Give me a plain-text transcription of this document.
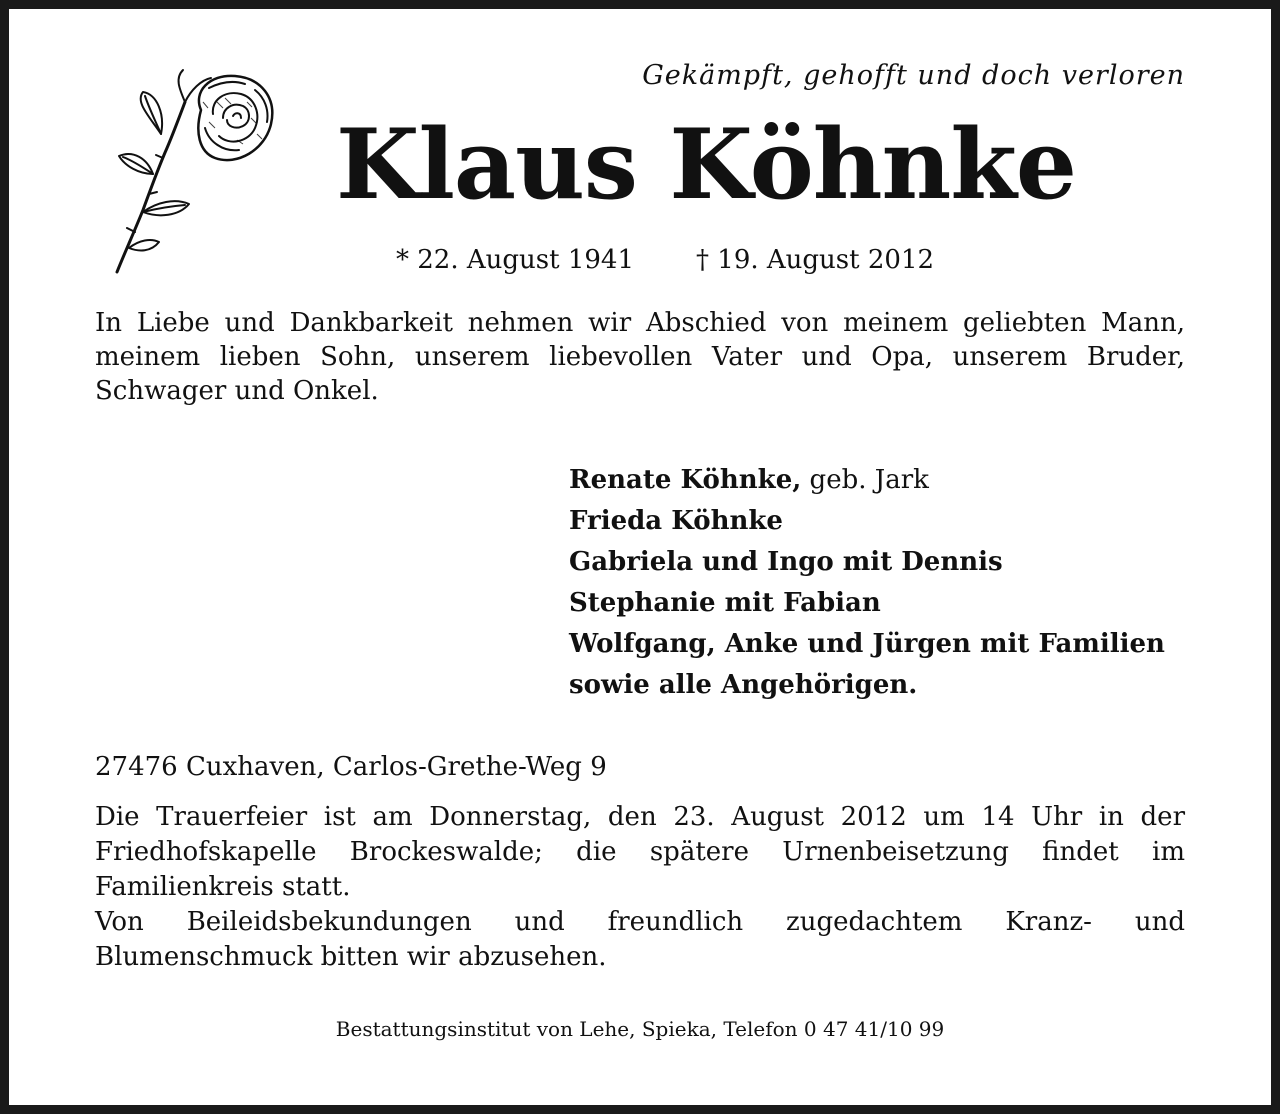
Gekämpft, gehofft und doch verloren
Klaus Köhnke
* 22. August 1941 † 19. August 2012
In Liebe und Dankbarkeit nehmen wir Abschied von meinem geliebten Mann, meinem lieben Sohn, unserem liebevollen Vater und Opa, unserem Bruder, Schwager und Onkel.
Renate Köhnke, geb. Jark
Frieda Köhnke
Gabriela und Ingo mit Dennis
Stephanie mit Fabian
Wolfgang, Anke und Jürgen mit Familien
sowie alle Angehörigen.
27476 Cuxhaven, Carlos-Grethe-Weg 9

Die Trauerfeier ist am Donnerstag, den 23. August 2012 um 14 Uhr in der Friedhofskapelle Brockeswalde; die spätere Urnenbeisetzung findet im Familienkreis statt.

Von Beileidsbekundungen und freundlich zugedachtem Kranz- und Blumenschmuck bitten wir abzusehen.

Bestattungsinstitut von Lehe, Spieka, Telefon 0 47 41/10 99
